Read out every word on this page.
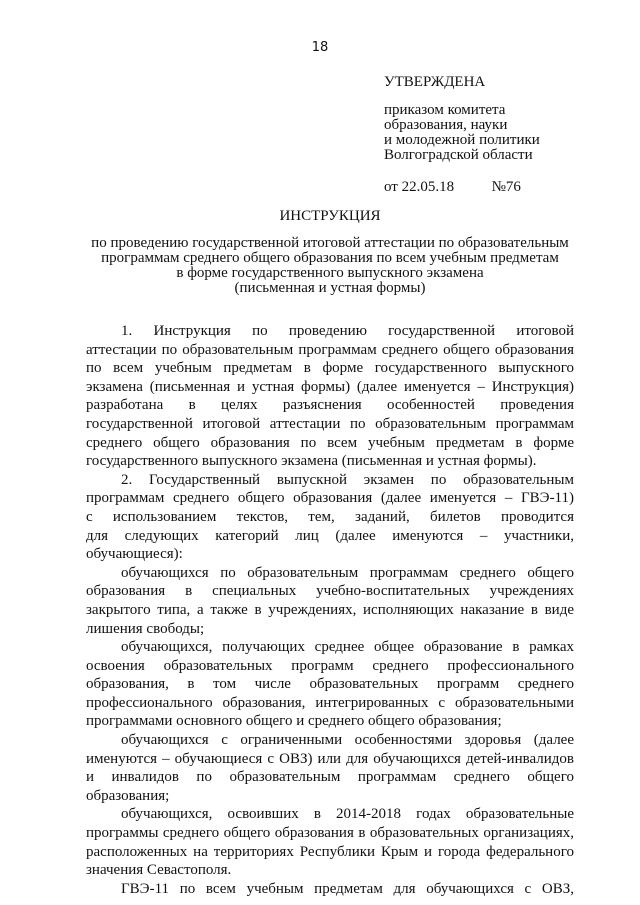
18
УТВЕРЖДЕНА
приказом комитета
образования, науки
и молодежной политики
Волгоградской области
от 22.05.18          №76
ИНСТРУКЦИЯ
по проведению государственной итоговой аттестации по образовательным
программам среднего общего образования по всем учебным предметам
в форме государственного выпускного экзамена
(письменная и устная формы)
1. Инструкция по проведению государственной итоговой
аттестации по образовательным программам среднего общего образования
по всем учебным предметам в форме государственного выпускного
экзамена (письменная и устная формы) (далее именуется – Инструкция)
разработана в целях разъяснения особенностей проведения
государственной итоговой аттестации по образовательным программам
среднего общего образования по всем учебным предметам в форме
государственного выпускного экзамена (письменная и устная формы).
2. Государственный выпускной экзамен по образовательным
программам среднего общего образования (далее именуется – ГВЭ-11)
с использованием текстов, тем, заданий, билетов проводится
для следующих категорий лиц (далее именуются – участники,
обучающиеся):
обучающихся по образовательным программам среднего общего
образования в специальных учебно-воспитательных учреждениях
закрытого типа, а также в учреждениях, исполняющих наказание в виде
лишения свободы;
обучающихся, получающих среднее общее образование в рамках
освоения образовательных программ среднего профессионального
образования, в том числе образовательных программ среднего
профессионального образования, интегрированных с образовательными
программами основного общего и среднего общего образования;
обучающихся с ограниченными особенностями здоровья (далее
именуются – обучающиеся с ОВЗ) или для обучающихся детей-инвалидов
и инвалидов по образовательным программам среднего общего
образования;
обучающихся, освоивших в 2014-2018 годах образовательные
программы среднего общего образования в образовательных организациях,
расположенных на территориях Республики Крым и города федерального
значения Севастополя.
ГВЭ-11 по всем учебным предметам для обучающихся с ОВЗ,
